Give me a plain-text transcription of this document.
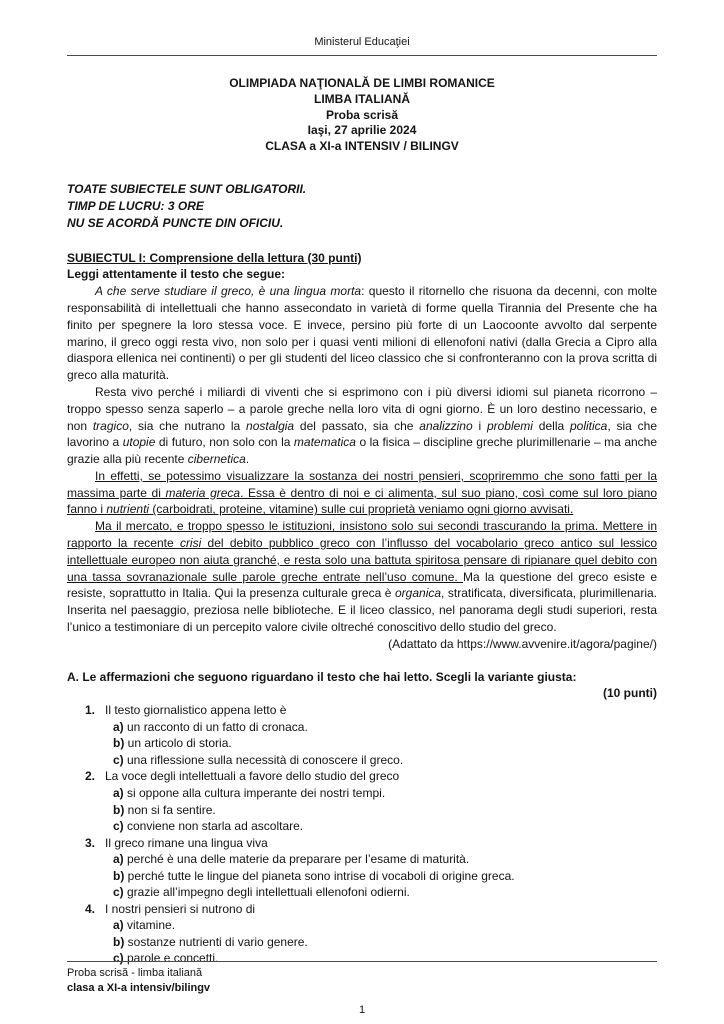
Ministerul Educaţiei
OLIMPIADA NAŢIONALĂ DE LIMBI ROMANICE
LIMBA ITALIANĂ
Proba scrisă
Iaşi, 27 aprilie 2024
CLASA a XI-a INTENSIV / BILINGV
TOATE SUBIECTELE SUNT OBLIGATORII.
TIMP DE LUCRU: 3 ORE
NU SE ACORDĂ PUNCTE DIN OFICIU.
SUBIECTUL I: Comprensione della lettura (30 punti)
Leggi attentamente il testo che segue:
A che serve studiare il greco, è una lingua morta: questo il ritornello che risuona da decenni, con molte responsabilità di intellettuali che hanno assecondato in varietà di forme quella Tirannia del Presente che ha finito per spegnere la loro stessa voce. E invece, persino più forte di un Laocoonte avvolto dal serpente marino, il greco oggi resta vivo, non solo per i quasi venti milioni di ellenofoni nativi (dalla Grecia a Cipro alla diaspora ellenica nei continenti) o per gli studenti del liceo classico che si confronteranno con la prova scritta di greco alla maturità.
Resta vivo perché i miliardi di viventi che si esprimono con i più diversi idiomi sul pianeta ricorrono – troppo spesso senza saperlo – a parole greche nella loro vita di ogni giorno. È un loro destino necessario, e non tragico, sia che nutrano la nostalgia del passato, sia che analizzino i problemi della politica, sia che lavorino a utopie di futuro, non solo con la matematica o la fisica – discipline greche plurimillenarie – ma anche grazie alla più recente cibernetica.
In effetti, se potessimo visualizzare la sostanza dei nostri pensieri, scopriremmo che sono fatti per la massima parte di materia greca. Essa è dentro di noi e ci alimenta, sul suo piano, così come sul loro piano fanno i nutrienti (carboidrati, proteine, vitamine) sulle cui proprietà veniamo ogni giorno avvisati.
Ma il mercato, e troppo spesso le istituzioni, insistono solo sui secondi trascurando la prima. Mettere in rapporto la recente crisi del debito pubblico greco con l’influsso del vocabolario greco antico sul lessico intellettuale europeo non aiuta granché, e resta solo una battuta spiritosa pensare di ripianare quel debito con una tassa sovranazionale sulle parole greche entrate nell’uso comune. Ma la questione del greco esiste e resiste, soprattutto in Italia. Qui la presenza culturale greca è organica, stratificata, diversificata, plurimillenaria. Inserita nel paesaggio, preziosa nelle biblioteche. E il liceo classico, nel panorama degli studi superiori, resta l’unico a testimoniare di un percepito valore civile oltreché conoscitivo dello studio del greco.
(Adattato da https://www.avvenire.it/agora/pagine/)
A. Le affermazioni che seguono riguardano il testo che hai letto. Scegli la variante giusta:
(10 punti)
1. Il testo giornalistico appena letto è
a) un racconto di un fatto di cronaca.
b) un articolo di storia.
c) una riflessione sulla necessità di conoscere il greco.
2. La voce degli intellettuali a favore dello studio del greco
a) si oppone alla cultura imperante dei nostri tempi.
b) non si fa sentire.
c) conviene non starla ad ascoltare.
3. Il greco rimane una lingua viva
a) perché è una delle materie da preparare per l’esame di maturità.
b) perché tutte le lingue del pianeta sono intrise di vocaboli di origine greca.
c) grazie all’impegno degli intellettuali ellenofoni odierni.
4. I nostri pensieri si nutrono di
a) vitamine.
b) sostanze nutrienti di vario genere.
c) parole e concetti.
Proba scrisă - limba italiană
clasa a XI-a intensiv/bilingv
1
